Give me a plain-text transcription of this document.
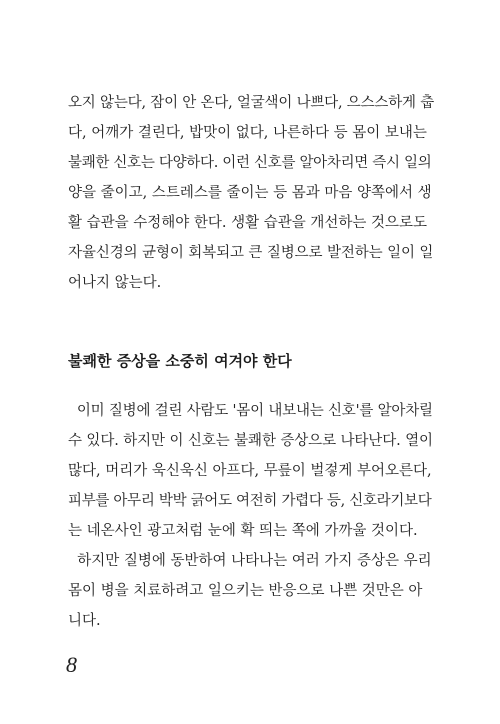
오지 않는다, 잠이 안 온다, 얼굴색이 나쁘다, 으스스하게 춥
다, 어깨가 결린다, 밥맛이 없다, 나른하다 등 몸이 보내는
불쾌한 신호는 다양하다. 이런 신호를 알아차리면 즉시 일의
양을 줄이고, 스트레스를 줄이는 등 몸과 마음 양쪽에서 생
활 습관을 수정해야 한다. 생활 습관을 개선하는 것으로도
자율신경의 균형이 회복되고 큰 질병으로 발전하는 일이 일
어나지 않는다.
불쾌한 증상을 소중히 여겨야 한다
이미 질병에 걸린 사람도 '몸이 내보내는 신호'를 알아차릴
수 있다. 하지만 이 신호는 불쾌한 증상으로 나타난다. 열이
많다, 머리가 욱신욱신 아프다, 무릎이 벌겋게 부어오른다,
피부를 아무리 박박 긁어도 여전히 가렵다 등, 신호라기보다
는 네온사인 광고처럼 눈에 확 띄는 쪽에 가까울 것이다.
하지만 질병에 동반하여 나타나는 여러 가지 증상은 우리
몸이 병을 치료하려고 일으키는 반응으로 나쁜 것만은 아
니다.
8
